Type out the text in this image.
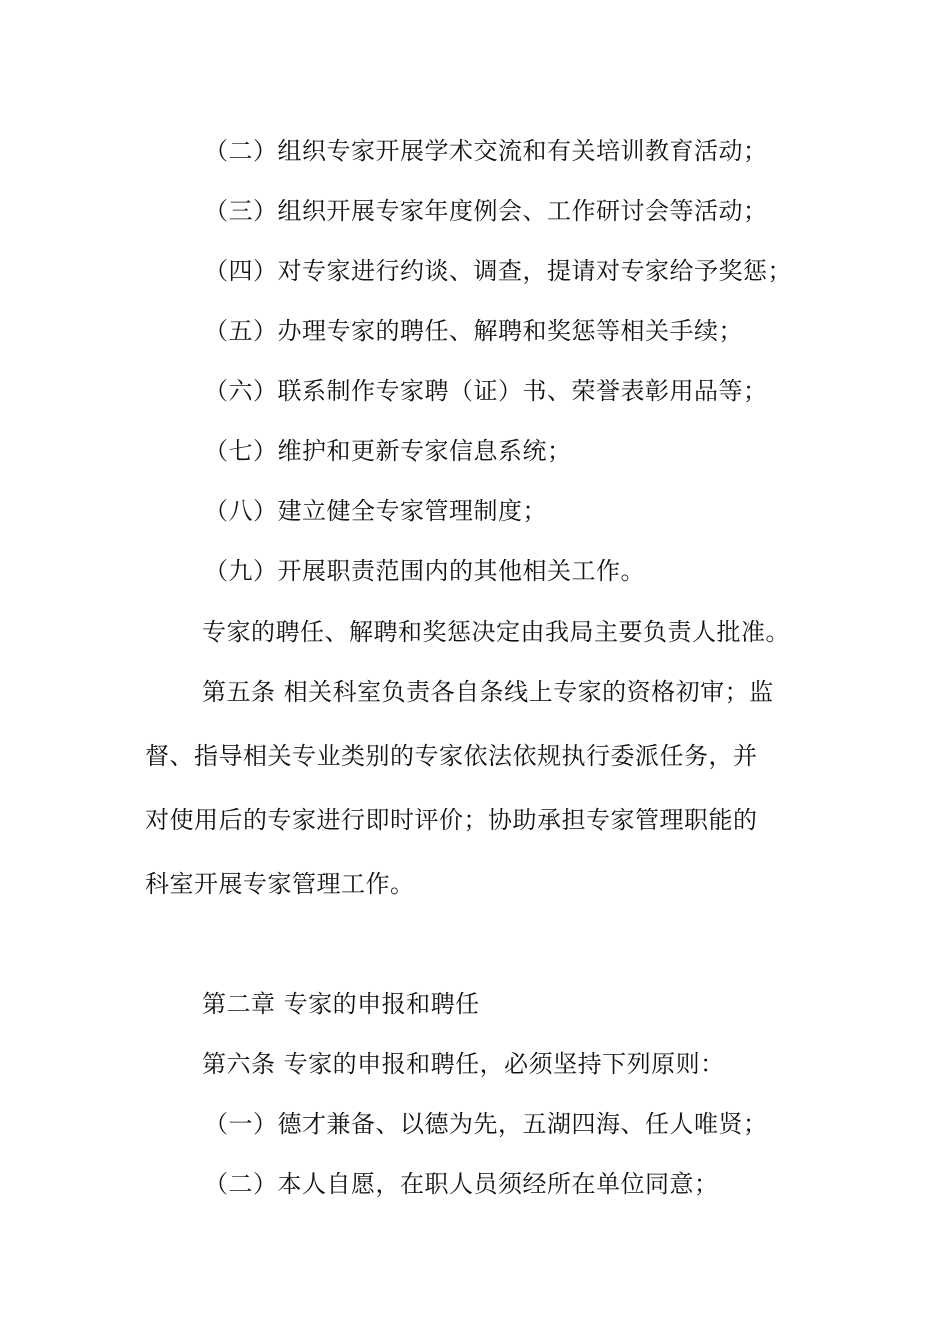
（二）组织专家开展学术交流和有关培训教育活动；
（三）组织开展专家年度例会、工作研讨会等活动；
（四）对专家进行约谈、调查，提请对专家给予奖惩；
（五）办理专家的聘任、解聘和奖惩等相关手续；
（六）联系制作专家聘（证）书、荣誉表彰用品等；
（七）维护和更新专家信息系统；
（八）建立健全专家管理制度；
（九）开展职责范围内的其他相关工作。
专家的聘任、解聘和奖惩决定由我局主要负责人批准。
第五条 相关科室负责各自条线上专家的资格初审；监
督、指导相关专业类别的专家依法依规执行委派任务，并
对使用后的专家进行即时评价；协助承担专家管理职能的
科室开展专家管理工作。
第二章 专家的申报和聘任
第六条 专家的申报和聘任，必须坚持下列原则：
（一）德才兼备、以德为先，五湖四海、任人唯贤；
（二）本人自愿，在职人员须经所在单位同意；
